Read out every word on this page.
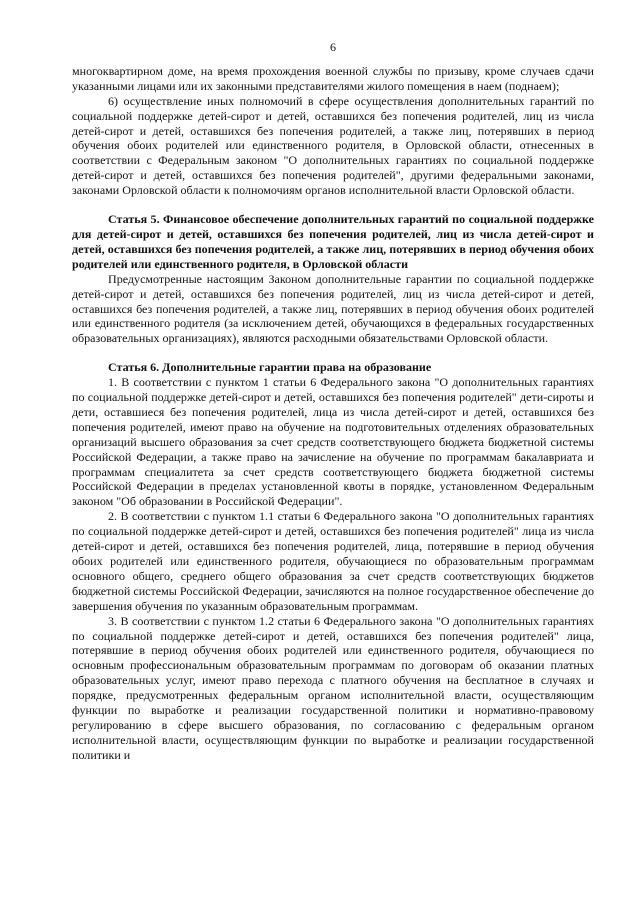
6

многоквартирном доме, на время прохождения военной службы по призыву, кроме случаев сдачи указанными лицами или их законными представителями жилого помещения в наем (поднаем);

6) осуществление иных полномочий в сфере осуществления дополнительных гарантий по социальной поддержке детей-сирот и детей, оставшихся без попечения родителей, лиц из числа детей-сирот и детей, оставшихся без попечения родителей, а также лиц, потерявших в период обучения обоих родителей или единственного родителя, в Орловской области, отнесенных в соответствии с Федеральным законом "О дополнительных гарантиях по социальной поддержке детей-сирот и детей, оставшихся без попечения родителей", другими федеральными законами, законами Орловской области к полномочиям органов исполнительной власти Орловской области.

Статья 5. Финансовое обеспечение дополнительных гарантий по социальной поддержке для детей-сирот и детей, оставшихся без попечения родителей, лиц из числа детей-сирот и детей, оставшихся без попечения родителей, а также лиц, потерявших в период обучения обоих родителей или единственного родителя, в Орловской области

Предусмотренные настоящим Законом дополнительные гарантии по социальной поддержке детей-сирот и детей, оставшихся без попечения родителей, лиц из числа детей-сирот и детей, оставшихся без попечения родителей, а также лиц, потерявших в период обучения обоих родителей или единственного родителя (за исключением детей, обучающихся в федеральных государственных образовательных организациях), являются расходными обязательствами Орловской области.

Статья 6. Дополнительные гарантии права на образование

1. В соответствии с пунктом 1 статьи 6 Федерального закона "О дополнительных гарантиях по социальной поддержке детей-сирот и детей, оставшихся без попечения родителей" дети-сироты и дети, оставшиеся без попечения родителей, лица из числа детей-сирот и детей, оставшихся без попечения родителей, имеют право на обучение на подготовительных отделениях образовательных организаций высшего образования за счет средств соответствующего бюджета бюджетной системы Российской Федерации, а также право на зачисление на обучение по программам бакалавриата и программам специалитета за счет средств соответствующего бюджета бюджетной системы Российской Федерации в пределах установленной квоты в порядке, установленном Федеральным законом "Об образовании в Российской Федерации".

2. В соответствии с пунктом 1.1 статьи 6 Федерального закона "О дополнительных гарантиях по социальной поддержке детей-сирот и детей, оставшихся без попечения родителей" лица из числа детей-сирот и детей, оставшихся без попечения родителей, лица, потерявшие в период обучения обоих родителей или единственного родителя, обучающиеся по образовательным программам основного общего, среднего общего образования за счет средств соответствующих бюджетов бюджетной системы Российской Федерации, зачисляются на полное государственное обеспечение до завершения обучения по указанным образовательным программам.

3. В соответствии с пунктом 1.2 статьи 6 Федерального закона "О дополнительных гарантиях по социальной поддержке детей-сирот и детей, оставшихся без попечения родителей" лица, потерявшие в период обучения обоих родителей или единственного родителя, обучающиеся по основным профессиональным образовательным программам по договорам об оказании платных образовательных услуг, имеют право перехода с платного обучения на бесплатное в случаях и порядке, предусмотренных федеральным органом исполнительной власти, осуществляющим функции по выработке и реализации государственной политики и нормативно-правовому регулированию в сфере высшего образования, по согласованию с федеральным органом исполнительной власти, осуществляющим функции по выработке и реализации государственной политики и
